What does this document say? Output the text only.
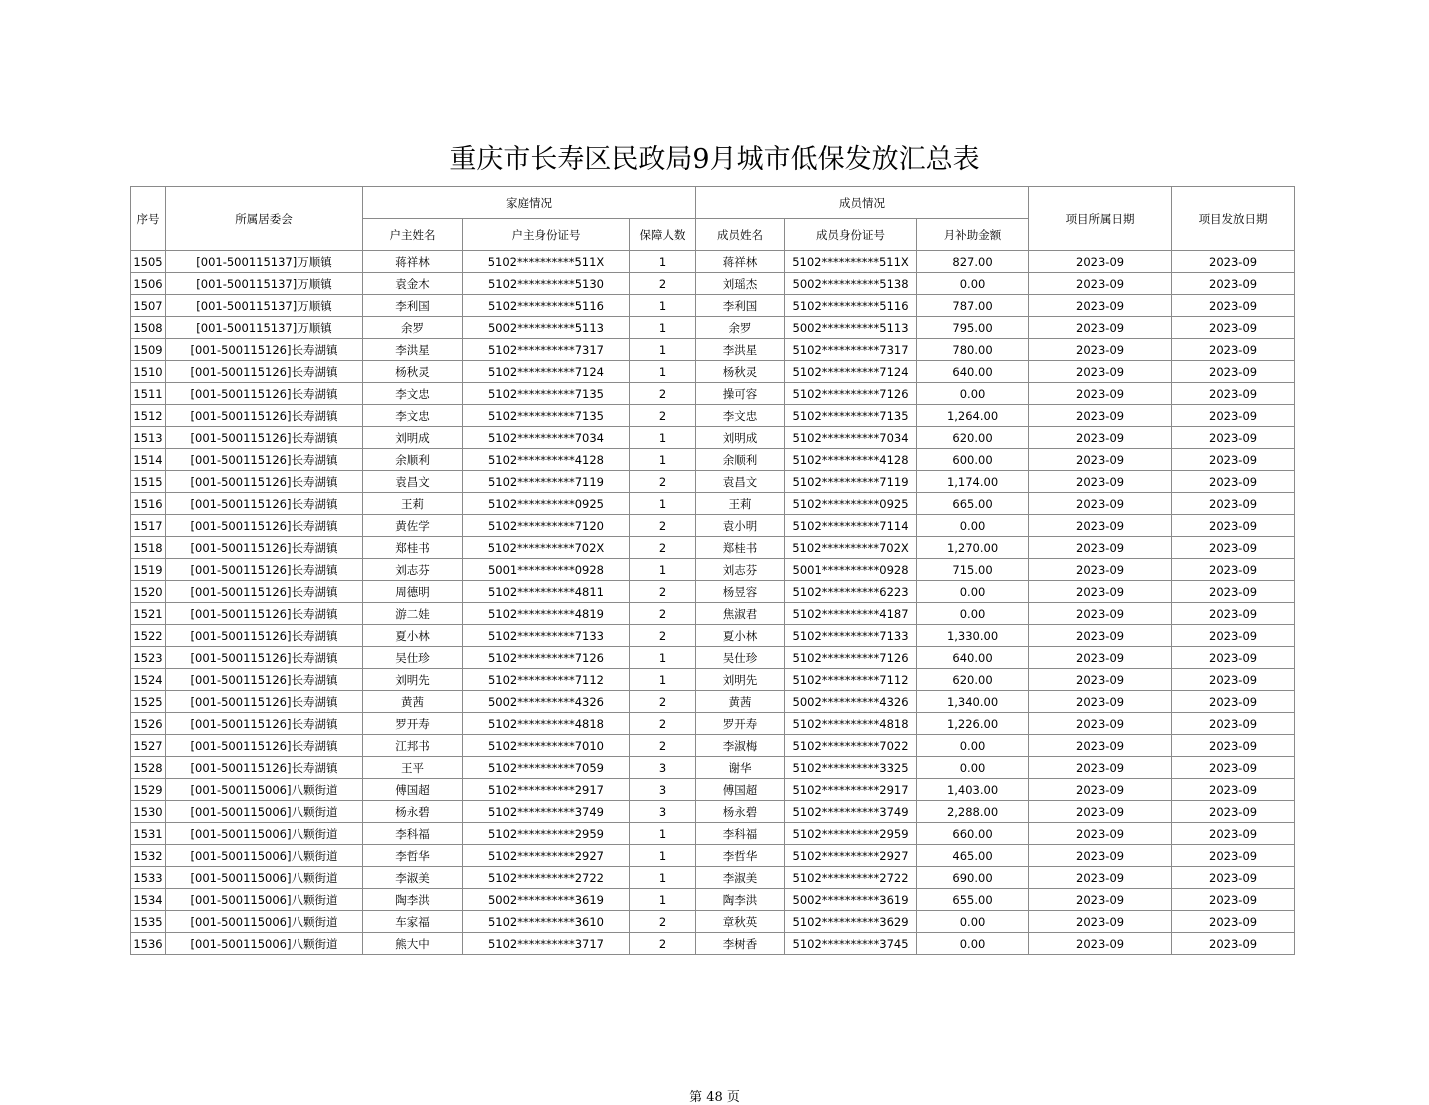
重庆市长寿区民政局9月城市低保发放汇总表
序号	所属居委会	家庭情况			成员情况			项目所属日期	项目发放日期
		户主姓名	户主身份证号	保障人数	成员姓名	成员身份证号	月补助金额		
1505	[001-500115137]万顺镇	蒋祥林	5102**********511X	1	蒋祥林	5102**********511X	827.00	2023-09	2023-09
1506	[001-500115137]万顺镇	袁金木	5102**********5130	2	刘瑶杰	5002**********5138	0.00	2023-09	2023-09
1507	[001-500115137]万顺镇	李利国	5102**********5116	1	李利国	5102**********5116	787.00	2023-09	2023-09
1508	[001-500115137]万顺镇	余罗	5002**********5113	1	余罗	5002**********5113	795.00	2023-09	2023-09
1509	[001-500115126]长寿湖镇	李洪星	5102**********7317	1	李洪星	5102**********7317	780.00	2023-09	2023-09
1510	[001-500115126]长寿湖镇	杨秋灵	5102**********7124	1	杨秋灵	5102**********7124	640.00	2023-09	2023-09
1511	[001-500115126]长寿湖镇	李文忠	5102**********7135	2	操可容	5102**********7126	0.00	2023-09	2023-09
1512	[001-500115126]长寿湖镇	李文忠	5102**********7135	2	李文忠	5102**********7135	1,264.00	2023-09	2023-09
1513	[001-500115126]长寿湖镇	刘明成	5102**********7034	1	刘明成	5102**********7034	620.00	2023-09	2023-09
1514	[001-500115126]长寿湖镇	余顺利	5102**********4128	1	余顺利	5102**********4128	600.00	2023-09	2023-09
1515	[001-500115126]长寿湖镇	袁昌文	5102**********7119	2	袁昌文	5102**********7119	1,174.00	2023-09	2023-09
1516	[001-500115126]长寿湖镇	王莉	5102**********0925	1	王莉	5102**********0925	665.00	2023-09	2023-09
1517	[001-500115126]长寿湖镇	黄佐学	5102**********7120	2	袁小明	5102**********7114	0.00	2023-09	2023-09
1518	[001-500115126]长寿湖镇	郑桂书	5102**********702X	2	郑桂书	5102**********702X	1,270.00	2023-09	2023-09
1519	[001-500115126]长寿湖镇	刘志芬	5001**********0928	1	刘志芬	5001**********0928	715.00	2023-09	2023-09
1520	[001-500115126]长寿湖镇	周德明	5102**********4811	2	杨昱容	5102**********6223	0.00	2023-09	2023-09
1521	[001-500115126]长寿湖镇	游二娃	5102**********4819	2	焦淑君	5102**********4187	0.00	2023-09	2023-09
1522	[001-500115126]长寿湖镇	夏小林	5102**********7133	2	夏小林	5102**********7133	1,330.00	2023-09	2023-09
1523	[001-500115126]长寿湖镇	吴仕珍	5102**********7126	1	吴仕珍	5102**********7126	640.00	2023-09	2023-09
1524	[001-500115126]长寿湖镇	刘明先	5102**********7112	1	刘明先	5102**********7112	620.00	2023-09	2023-09
1525	[001-500115126]长寿湖镇	黄茜	5002**********4326	2	黄茜	5002**********4326	1,340.00	2023-09	2023-09
1526	[001-500115126]长寿湖镇	罗开寿	5102**********4818	2	罗开寿	5102**********4818	1,226.00	2023-09	2023-09
1527	[001-500115126]长寿湖镇	江邦书	5102**********7010	2	李淑梅	5102**********7022	0.00	2023-09	2023-09
1528	[001-500115126]长寿湖镇	王平	5102**********7059	3	谢华	5102**********3325	0.00	2023-09	2023-09
1529	[001-500115006]八颗街道	傅国超	5102**********2917	3	傅国超	5102**********2917	1,403.00	2023-09	2023-09
1530	[001-500115006]八颗街道	杨永碧	5102**********3749	3	杨永碧	5102**********3749	2,288.00	2023-09	2023-09
1531	[001-500115006]八颗街道	李科福	5102**********2959	1	李科福	5102**********2959	660.00	2023-09	2023-09
1532	[001-500115006]八颗街道	李哲华	5102**********2927	1	李哲华	5102**********2927	465.00	2023-09	2023-09
1533	[001-500115006]八颗街道	李淑美	5102**********2722	1	李淑美	5102**********2722	690.00	2023-09	2023-09
1534	[001-500115006]八颗街道	陶李洪	5002**********3619	1	陶李洪	5002**********3619	655.00	2023-09	2023-09
1535	[001-500115006]八颗街道	车家福	5102**********3610	2	章秋英	5102**********3629	0.00	2023-09	2023-09
1536	[001-500115006]八颗街道	熊大中	5102**********3717	2	李树香	5102**********3745	0.00	2023-09	2023-09
第 48 页
